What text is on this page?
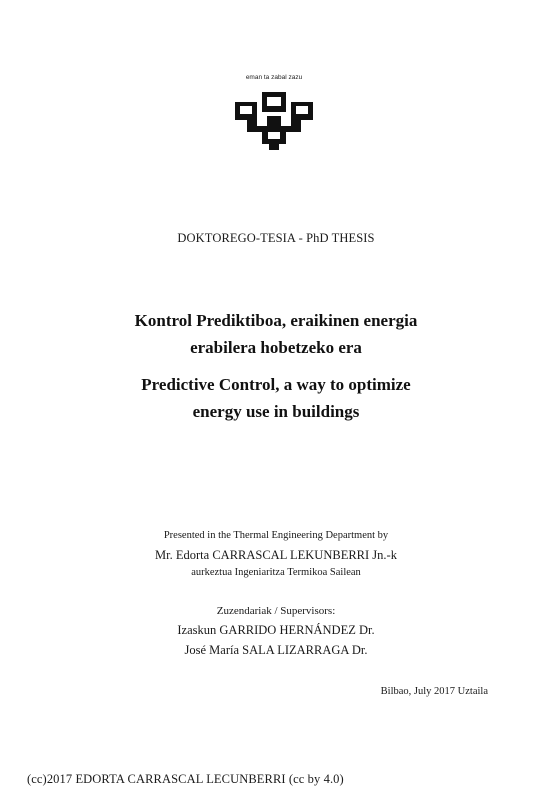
eman ta zabal zazu
DOKTOREGO-TESIA - PhD THESIS
Kontrol Prediktiboa, eraikinen energia
erabilera hobetzeko era
Predictive Control, a way to optimize
energy use in buildings
Presented in the Thermal Engineering Department by
Mr. Edorta CARRASCAL LEKUNBERRI Jn.-k
aurkeztua Ingeniaritza Termikoa Sailean
Zuzendariak / Supervisors:
Izaskun GARRIDO HERNÁNDEZ Dr.
José María SALA LIZARRAGA Dr.
Bilbao, July 2017 Uztaila
(cc)2017 EDORTA CARRASCAL LECUNBERRI (cc by 4.0)
